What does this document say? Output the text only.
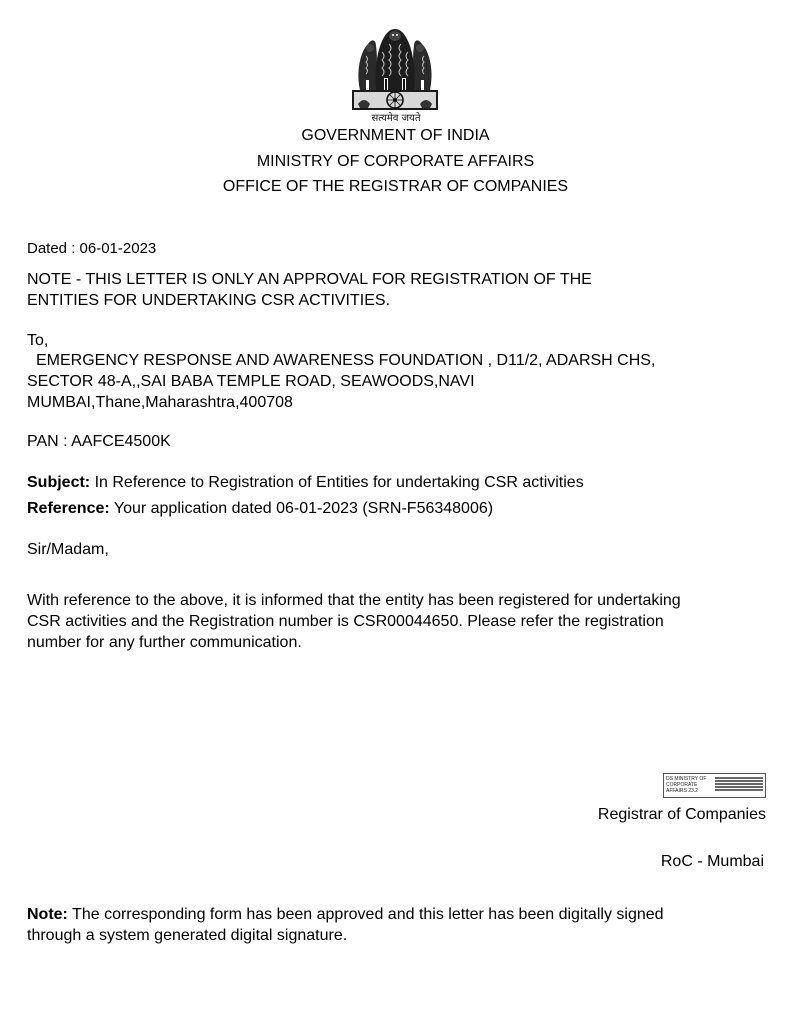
सत्यमेव जयते
GOVERNMENT OF INDIA
MINISTRY OF CORPORATE AFFAIRS
OFFICE OF THE REGISTRAR OF COMPANIES
Dated : 06-01-2023
NOTE - THIS LETTER IS ONLY AN APPROVAL FOR REGISTRATION OF THE
ENTITIES FOR UNDERTAKING CSR ACTIVITIES.
To,
EMERGENCY RESPONSE AND AWARENESS FOUNDATION , D11/2, ADARSH CHS,
SECTOR 48-A,,SAI BABA TEMPLE ROAD, SEAWOODS,NAVI
MUMBAI,Thane,Maharashtra,400708
PAN : AAFCE4500K
Subject: In Reference to Registration of Entities for undertaking CSR activities
Reference: Your application dated 06-01-2023 (SRN-F56348006)
Sir/Madam,
With reference to the above, it is informed that the entity has been registered for undertaking
CSR activities and the Registration number is CSR00044650. Please refer the registration
number for any further communication.
DS MINISTRY OF CORPORATE AFFAIRS 23.2
Registrar of Companies
RoC - Mumbai
Note: The corresponding form has been approved and this letter has been digitally signed
through a system generated digital signature.
